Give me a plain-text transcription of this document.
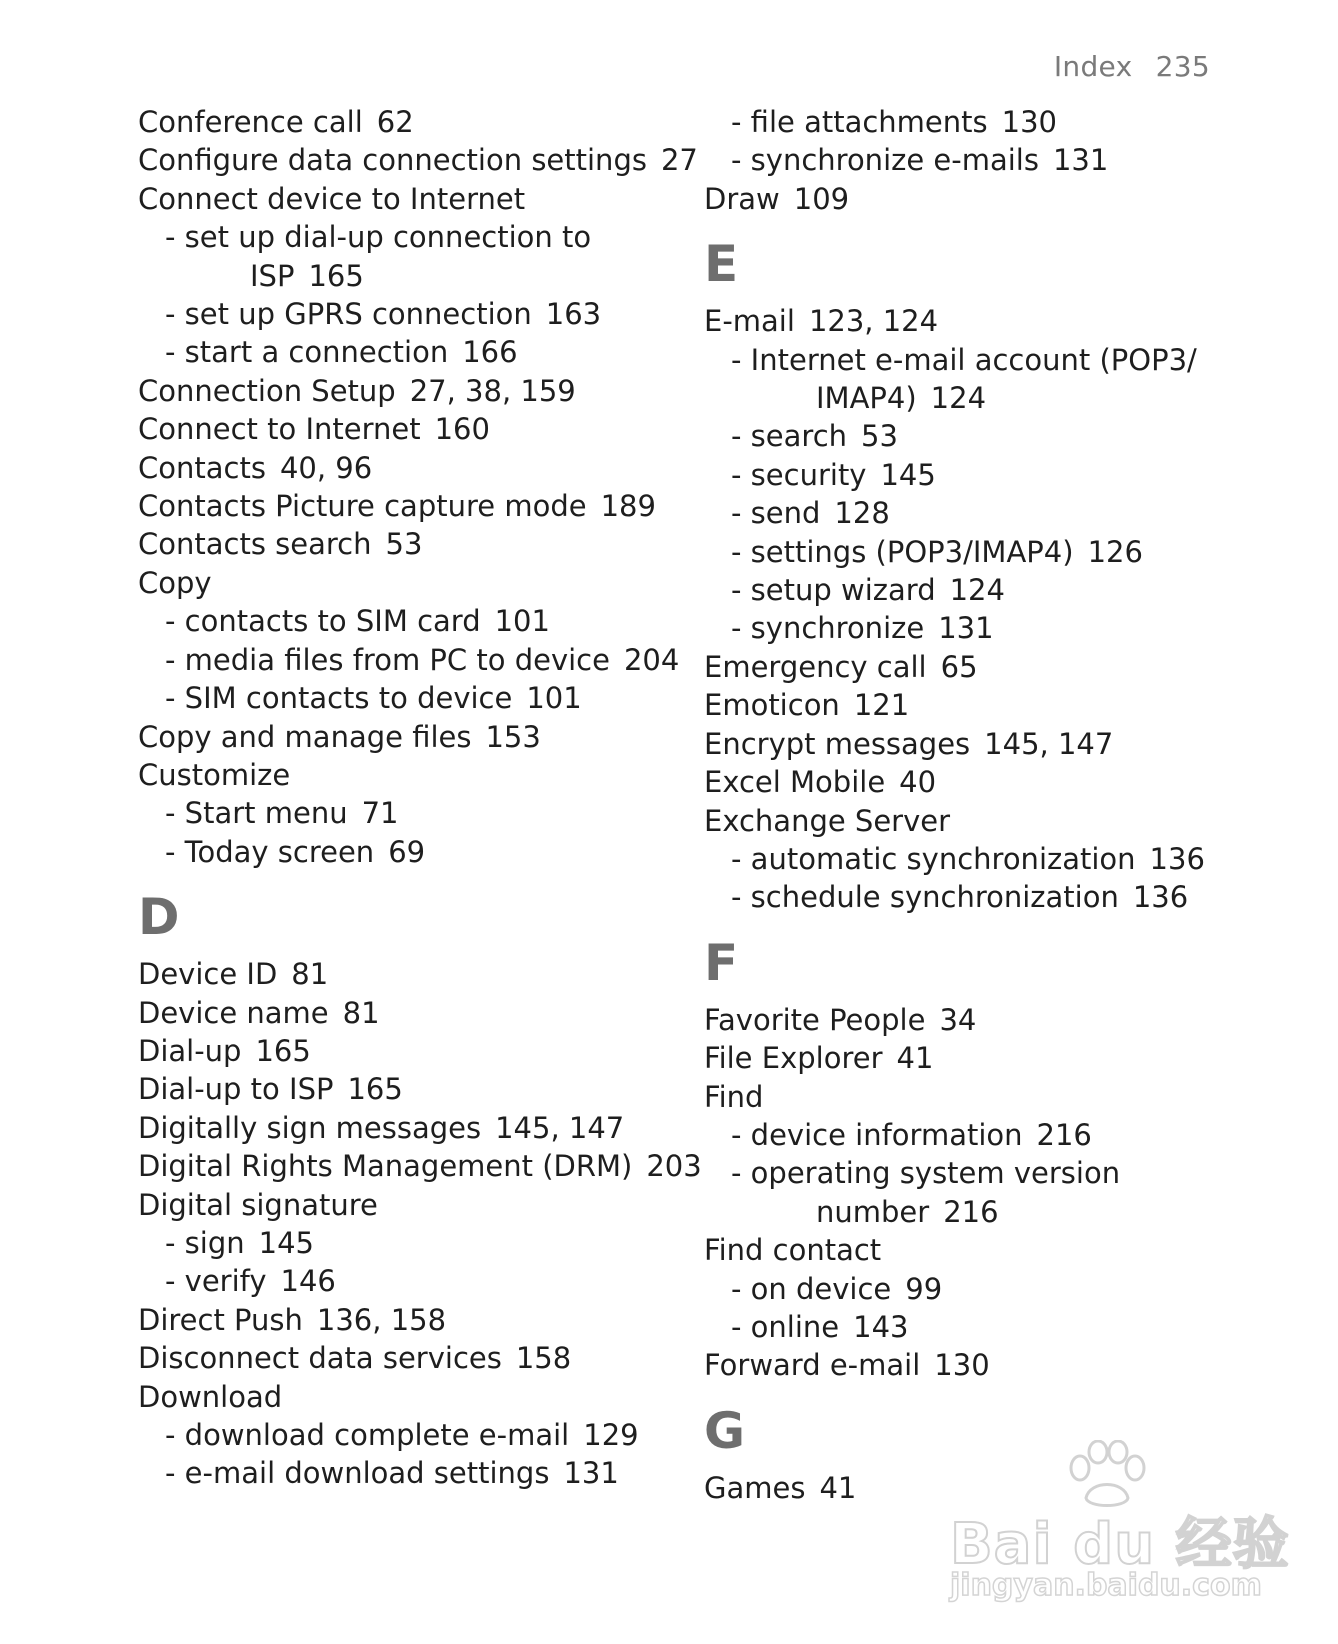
Index 235
Conference call 62
Configure data connection settings 27
Connect device to Internet
- set up dial-up connection to
ISP 165
- set up GPRS connection 163
- start a connection 166
Connection Setup 27, 38, 159
Connect to Internet 160
Contacts 40, 96
Contacts Picture capture mode 189
Contacts search 53
Copy
- contacts to SIM card 101
- media files from PC to device 204
- SIM contacts to device 101
Copy and manage files 153
Customize
- Start menu 71
- Today screen 69
D
Device ID 81
Device name 81
Dial-up 165
Dial-up to ISP 165
Digitally sign messages 145, 147
Digital Rights Management (DRM) 203
Digital signature
- sign 145
- verify 146
Direct Push 136, 158
Disconnect data services 158
Download
- download complete e-mail 129
- e-mail download settings 131
- file attachments 130
- synchronize e-mails 131
Draw 109
E
E-mail 123, 124
- Internet e-mail account (POP3/
IMAP4) 124
- search 53
- security 145
- send 128
- settings (POP3/IMAP4) 126
- setup wizard 124
- synchronize 131
Emergency call 65
Emoticon 121
Encrypt messages 145, 147
Excel Mobile 40
Exchange Server
- automatic synchronization 136
- schedule synchronization 136
F
Favorite People 34
File Explorer 41
Find
- device information 216
- operating system version
number 216
Find contact
- on device 99
- online 143
Forward e-mail 130
G
Games 41
Bai du 经验
jingyan.baidu.com
